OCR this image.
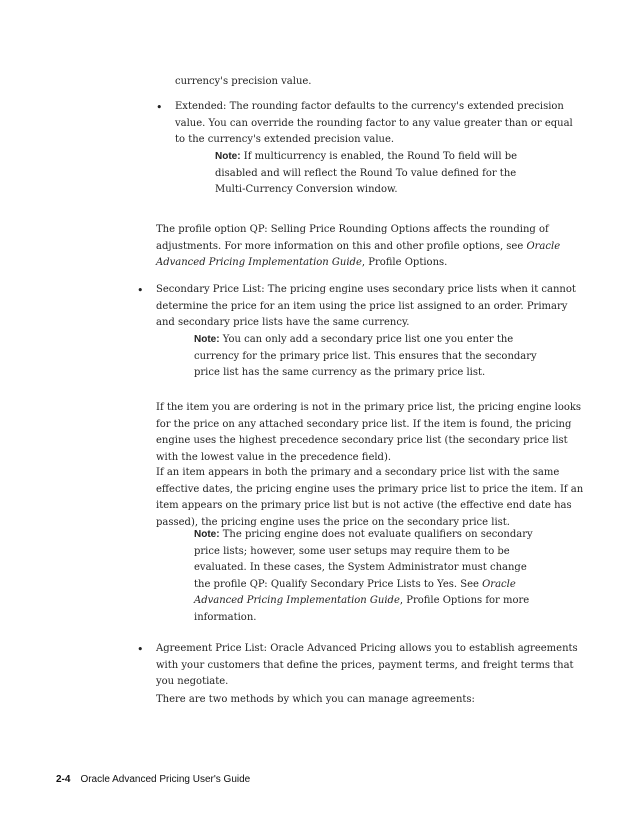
currency's precision value.
• Extended: The rounding factor defaults to the currency's extended precision
value. You can override the rounding factor to any value greater than or equal
to the currency's extended precision value.
Note: If multicurrency is enabled, the Round To field will be
disabled and will reflect the Round To value defined for the
Multi-Currency Conversion window.
The profile option QP: Selling Price Rounding Options affects the rounding of
adjustments. For more information on this and other profile options, see Oracle
Advanced Pricing Implementation Guide, Profile Options.
• Secondary Price List: The pricing engine uses secondary price lists when it cannot
determine the price for an item using the price list assigned to an order. Primary
and secondary price lists have the same currency.
Note: You can only add a secondary price list one you enter the
currency for the primary price list. This ensures that the secondary
price list has the same currency as the primary price list.
If the item you are ordering is not in the primary price list, the pricing engine looks
for the price on any attached secondary price list. If the item is found, the pricing
engine uses the highest precedence secondary price list (the secondary price list
with the lowest value in the precedence field).
If an item appears in both the primary and a secondary price list with the same
effective dates, the pricing engine uses the primary price list to price the item. If an
item appears on the primary price list but is not active (the effective end date has
passed), the pricing engine uses the price on the secondary price list.
Note: The pricing engine does not evaluate qualifiers on secondary
price lists; however, some user setups may require them to be
evaluated. In these cases, the System Administrator must change
the profile QP: Qualify Secondary Price Lists to Yes. See Oracle
Advanced Pricing Implementation Guide, Profile Options for more
information.
• Agreement Price List: Oracle Advanced Pricing allows you to establish agreements
with your customers that define the prices, payment terms, and freight terms that
you negotiate.
There are two methods by which you can manage agreements:
2-4 Oracle Advanced Pricing User's Guide
